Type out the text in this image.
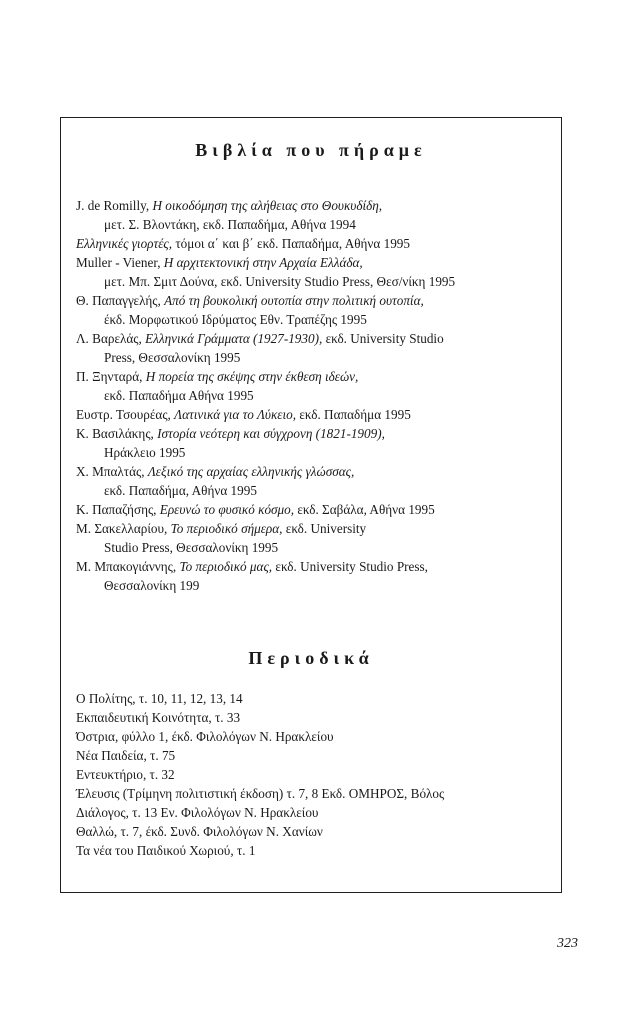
Βιβλία που πήραμε
J. de Romilly, Η οικοδόμηση της αλήθειας στο Θουκυδίδη,
μετ. Σ. Βλοντάκη, εκδ. Παπαδήμα, Αθήνα 1994
Ελληνικές γιορτές, τόμοι α΄ και β΄ εκδ. Παπαδήμα, Αθήνα 1995
Muller - Viener, Η αρχιτεκτονική στην Αρχαία Ελλάδα,
μετ. Μπ. Σμιτ Δούνα, εκδ. University Studio Press, Θεσ/νίκη 1995
Θ. Παπαγγελής, Από τη βουκολική ουτοπία στην πολιτική ουτοπία,
έκδ. Μορφωτικού Ιδρύματος Εθν. Τραπέζης 1995
Λ. Βαρελάς, Ελληνικά Γράμματα (1927-1930), εκδ. University Studio
Press, Θεσσαλονίκη 1995
Π. Ξηνταρά, Η πορεία της σκέψης στην έκθεση ιδεών,
εκδ. Παπαδήμα Αθήνα 1995
Ευστρ. Τσουρέας, Λατινικά για το Λύκειο, εκδ. Παπαδήμα 1995
Κ. Βασιλάκης, Ιστορία νεότερη και σύγχρονη (1821-1909),
Ηράκλειο 1995
Χ. Μπαλτάς, Λεξικό της αρχαίας ελληνικής γλώσσας,
εκδ. Παπαδήμα, Αθήνα 1995
Κ. Παπαζήσης, Ερευνώ το φυσικό κόσμο, εκδ. Σαβάλα, Αθήνα 1995
Μ. Σακελλαρίου, Το περιοδικό σήμερα, εκδ. University
Studio Press, Θεσσαλονίκη 1995
Μ. Μπακογιάννης, Το περιοδικό μας, εκδ. University Studio Press,
Θεσσαλονίκη 199
Περιοδικά
Ο Πολίτης, τ. 10, 11, 12, 13, 14
Εκπαιδευτική Κοινότητα, τ. 33
Όστρια, φύλλο 1, έκδ. Φιλολόγων Ν. Ηρακλείου
Νέα Παιδεία, τ. 75
Εντευκτήριο, τ. 32
Έλευσις (Τρίμηνη πολιτιστική έκδοση) τ. 7, 8 Εκδ. ΟΜΗΡΟΣ, Βόλος
Διάλογος, τ. 13 Εν. Φιλολόγων Ν. Ηρακλείου
Θαλλώ, τ. 7, έκδ. Συνδ. Φιλολόγων Ν. Χανίων
Τα νέα του Παιδικού Χωριού, τ. 1
323
